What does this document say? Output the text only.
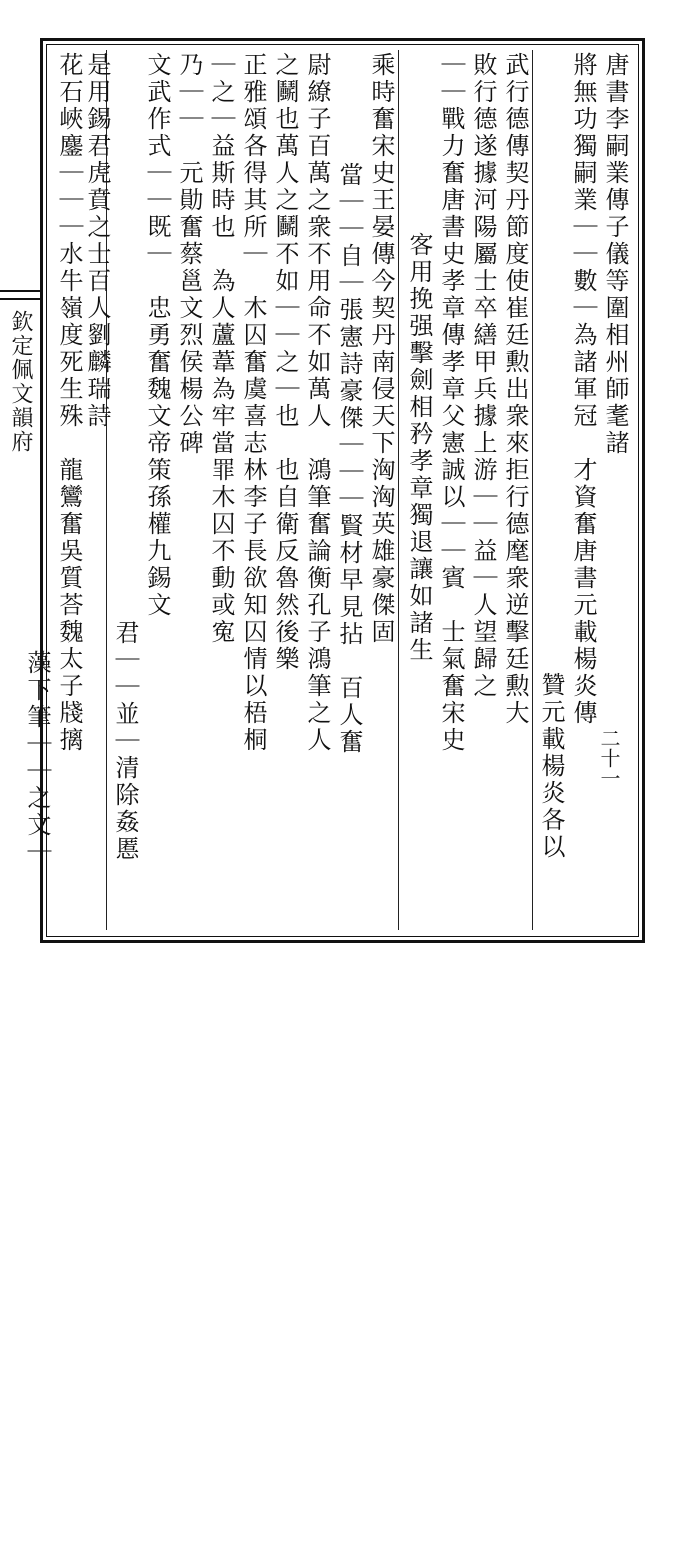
欽定佩文韻府
二十一
唐書李嗣業傳子儀等圍相州師耄諸
將無功獨嗣業｜｜數｜為諸軍冠　才資奮唐書元載楊炎傳
贊元載楊炎各以
武行德傳契丹節度使崔廷勲出衆來拒行德麾衆逆擊廷勲大
敗行德遂據河陽屬士卒繕甲兵據上游｜｜益｜人望歸之
｜｜戰力奮唐書史孝章傳孝章父憲誠以｜｜賓　士氣奮宋史
客用挽强擊劍相矜孝章獨退讓如諸生
乘時奮宋史王晏傳今契丹南侵天下洶洶英雄豪傑固
當｜｜自｜張憲詩豪傑｜｜｜賢材早見拈　百人奮
尉繚子百萬之衆不用命不如萬人　鴻筆奮論衡孔子鴻筆之人
之鬭也萬人之鬭不如｜｜之｜也　也自衛反魯然後樂
正雅頌各得其所｜　木囚奮虞喜志林李子長欲知囚情以梧桐
｜之｜益斯時也　為人蘆葦為牢當罪木囚不動或寃
乃｜｜　元勛奮蔡邕文烈侯楊公碑
文武作式｜｜既｜　忠勇奮魏文帝策孫權九錫文
君｜｜並｜清除姦慝
是用錫君虎賁之士百人劉麟瑞詩
花石峽鏖｜｜｜水牛嶺度死生殊　龍鸞奮吳質荅魏太子牋摛
藻下筆｜｜之文｜
